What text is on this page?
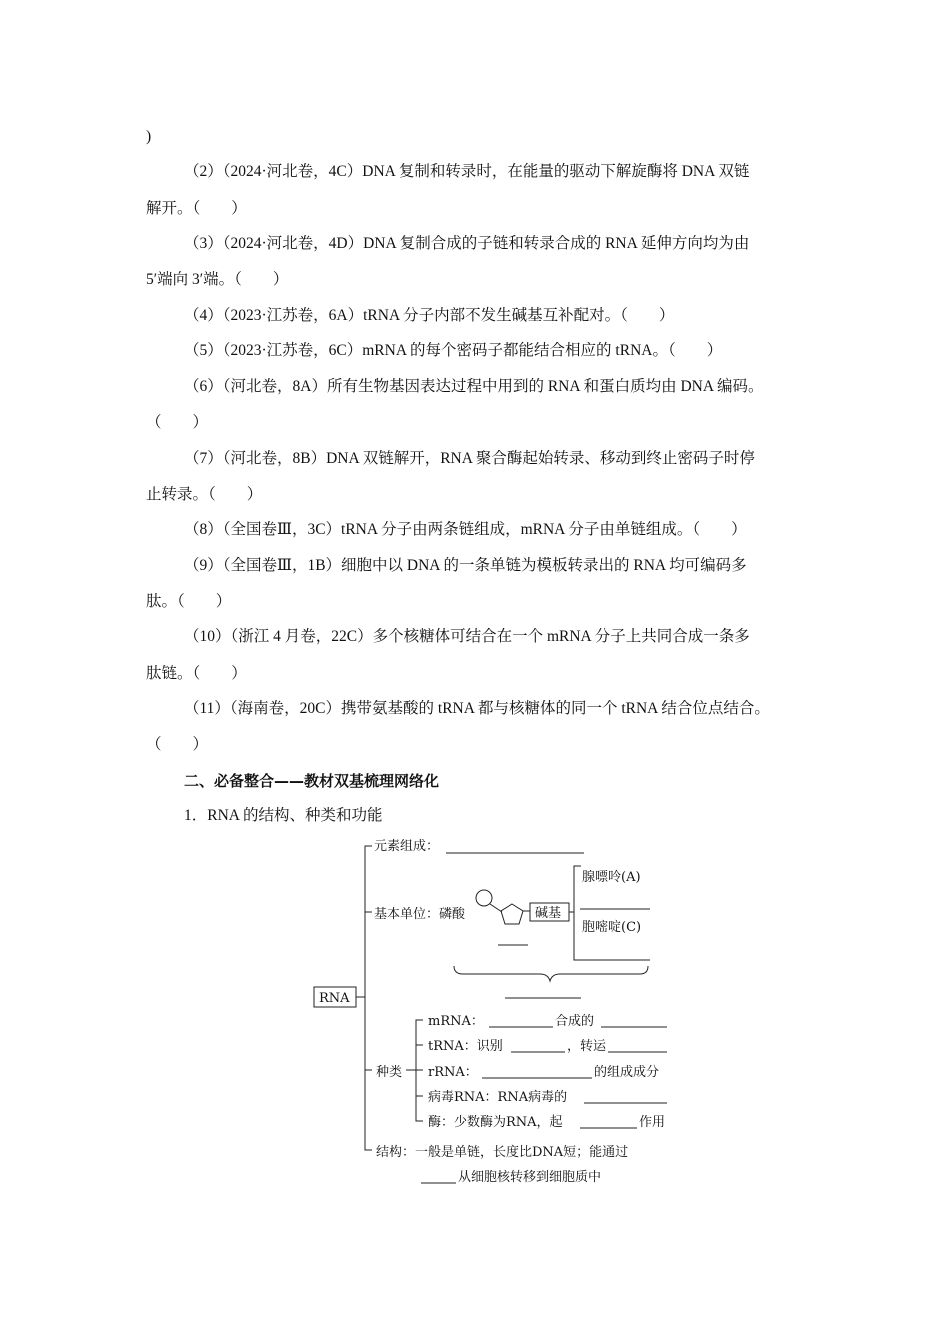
)
（2）（2024·河北卷，4C）DNA 复制和转录时，在能量的驱动下解旋酶将 DNA 双链
解开。（　　）
（3）（2024·河北卷，4D）DNA 复制合成的子链和转录合成的 RNA 延伸方向均为由
5′端向 3′端。（　　）
（4）（2023·江苏卷，6A）tRNA 分子内部不发生碱基互补配对。（　　）
（5）（2023·江苏卷，6C）mRNA 的每个密码子都能结合相应的 tRNA。（　　）
（6）（河北卷，8A）所有生物基因表达过程中用到的 RNA 和蛋白质均由 DNA 编码。
（　　）
（7）（河北卷，8B）DNA 双链解开，RNA 聚合酶起始转录、移动到终止密码子时停
止转录。（　　）
（8）（全国卷Ⅲ，3C）tRNA 分子由两条链组成，mRNA 分子由单链组成。（　　）
（9）（全国卷Ⅲ，1B）细胞中以 DNA 的一条单链为模板转录出的 RNA 均可编码多
肽。（　　）
（10）（浙江 4 月卷，22C）多个核糖体可结合在一个 mRNA 分子上共同合成一条多
肽链。（　　）
（11）（海南卷，20C）携带氨基酸的 tRNA 都与核糖体的同一个 tRNA 结合位点结合。
（　　）
二、必备整合——教材双基梳理网络化
1．RNA 的结构、种类和功能
RNA
元素组成：
基本单位：磷酸	碱基
腺嘌呤(A)
胞嘧啶(C)
种类
mRNA：	合成的
tRNA：识别	，转运
rRNA：	的组成成分
病毒RNA：RNA病毒的
酶：少数酶为RNA，起	作用
结构：一般是单链，长度比DNA短；能通过
从细胞核转移到细胞质中
